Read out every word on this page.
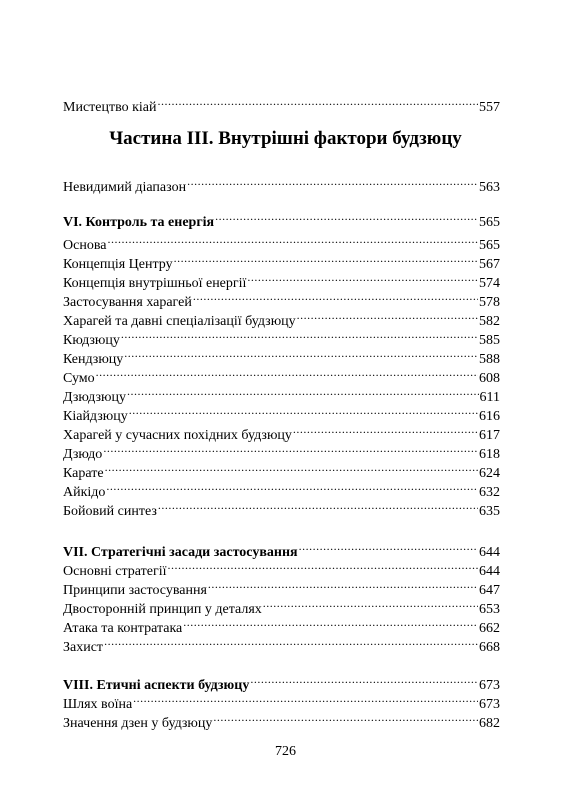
Мистецтво кіай .....	557
Невидимий діапазон .....	563
VI. Контроль та енергія .....	565
Основа .....	565
Концепція Центру .....	567
Концепція внутрішньої енергії .....	574
Застосування харагей .....	578
Харагей та давні спеціалізації будзюцу .....	582
Кюдзюцу .....	585
Кендзюцу .....	588
Сумо .....	608
Дзюдзюцу .....	611
Кіайдзюцу .....	616
Харагей у сучасних похідних будзюцу .....	617
Дзюдо .....	618
Карате .....	624
Айкідо .....	632
Бойовий синтез .....	635
VII. Стратегічні засади застосування .....	644
Основні стратегії .....	644
Принципи застосування .....	647
Двосторонній принцип у деталях .....	653
Атака та контратака .....	662
Захист .....	668
VIII. Етичні аспекти будзюцу .....	673
Шлях воїна .....	673
Значення дзен у будзюцу .....	682
Частина ІІІ. Внутрішні фактори будзюцу
726
